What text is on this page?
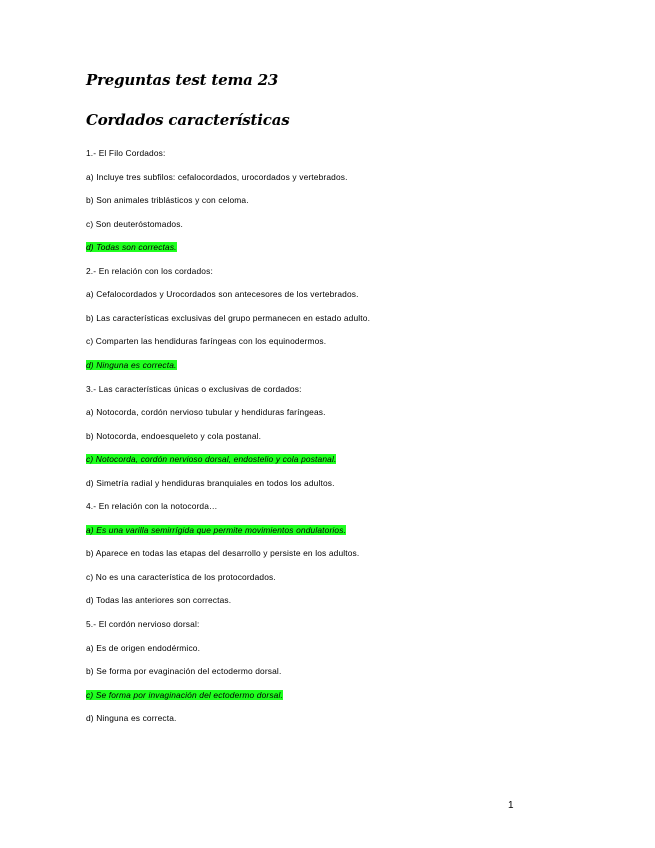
Preguntas test tema 23
Cordados características
1.- El Filo Cordados:
a) Incluye tres subfilos: cefalocordados, urocordados y vertebrados.
b) Son animales triblásticos y con celoma.
c) Son deuteróstomados.
d) Todas son correctas.
2.- En relación con los cordados:
a) Cefalocordados y Urocordados son antecesores de los vertebrados.
b) Las características exclusivas del grupo permanecen en estado adulto.
c) Comparten las hendiduras faríngeas con los equinodermos.
d) Ninguna es correcta.
3.- Las características únicas o exclusivas de cordados:
a) Notocorda, cordón nervioso tubular y hendiduras faríngeas.
b) Notocorda, endoesqueleto y cola postanal.
c) Notocorda, cordón nervioso dorsal, endostelio y cola postanal.
d) Simetría radial y hendiduras branquiales en todos los adultos.
4.- En relación con la notocorda…
a) Es una varilla semirrígida que permite movimientos ondulatorios.
b) Aparece en todas las etapas del desarrollo y persiste en los adultos.
c) No es una característica de los protocordados.
d) Todas las anteriores son correctas.
5.- El cordón nervioso dorsal:
a) Es de origen endodérmico.
b) Se forma por evaginación del ectodermo dorsal.
c) Se forma por invaginación del ectodermo dorsal.
d) Ninguna es correcta.
1
